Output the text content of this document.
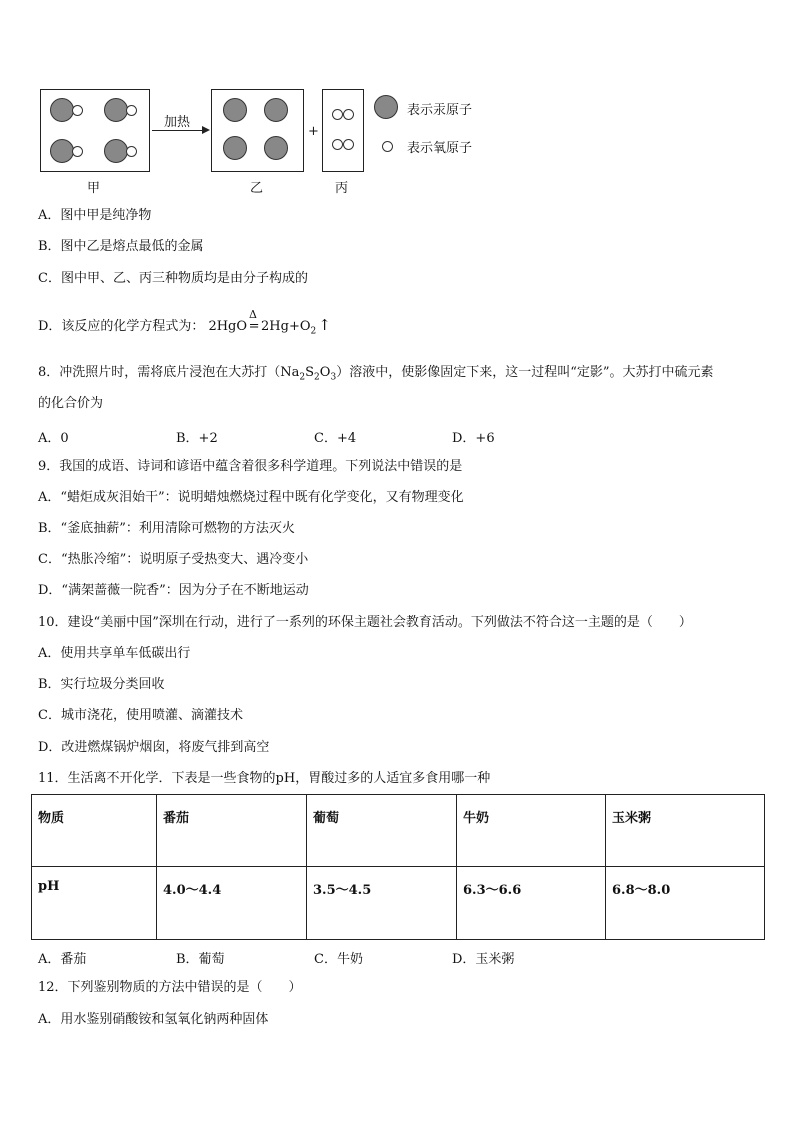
甲
加热
乙
+
丙
表示汞原子
表示氧原子
A．图中甲是纯净物
B．图中乙是熔点最低的金属
C．图中甲、乙、丙三种物质均是由分子构成的
D．该反应的化学方程式为： 2HgO
Δ
= $2Hg+O_2$ ↑
8．冲洗照片时，需将底片浸泡在大苏打$(Na_2S_2O_3)$溶液中，使影像固定下来，这一过程叫“定影”。大苏打中硫元素
的化合价为
A．0	B．+2	C．+4	D．+6
9．我国的成语、诗词和谚语中蕴含着很多科学道理。下列说法中错误的是
A．“蜡炬成灰泪始干”：说明蜡烛燃烧过程中既有化学变化，又有物理变化
B．“釜底抽薪”：利用清除可燃物的方法灭火
C．“热胀冷缩”：说明原子受热变大、遇冷变小
D．“满架蔷薇一院香”：因为分子在不断地运动
10．建设“美丽中国”深圳在行动，进行了一系列的环保主题社会教育活动。下列做法不符合这一主题的是（　　）
A．使用共享单车低碳出行
B．实行垃圾分类回收
C．城市浇花，使用喷灌、滴灌技术
D．改进燃煤锅炉烟囱，将废气排到高空
11．生活离不开化学．下表是一些食物的pH，胃酸过多的人适宜多食用哪一种
物质	番茄	葡萄	牛奶	玉米粥
pH	4.0～4.4	3.5～4.5	6.3～6.6	6.8～8.0
A．番茄	B．葡萄	C．牛奶	D．玉米粥
12．下列鉴别物质的方法中错误的是（　　）
A．用水鉴别硝酸铵和氢氧化钠两种固体
